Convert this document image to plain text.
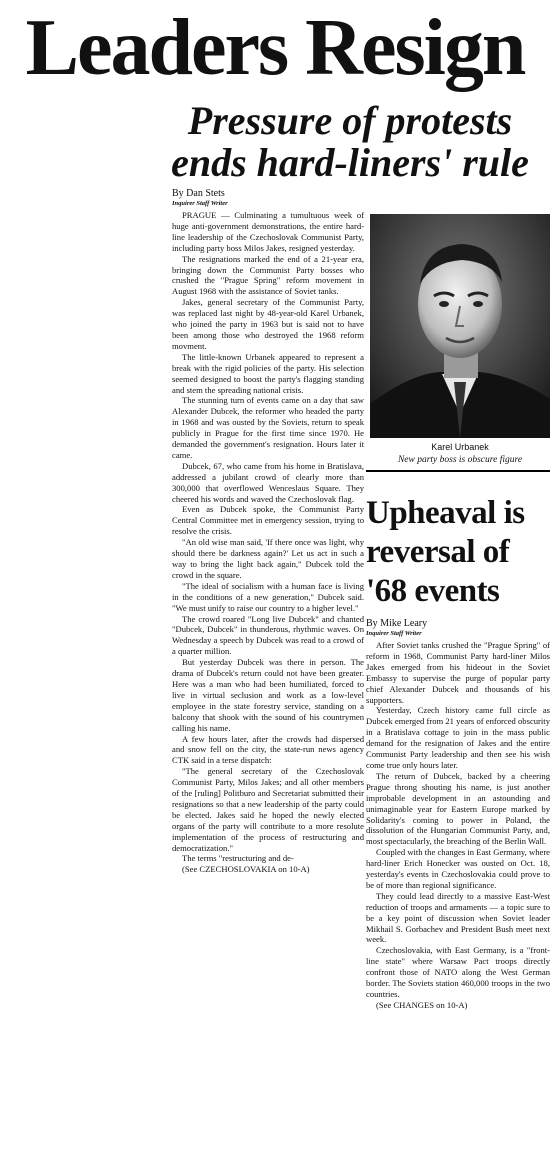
Leaders Resign
Pressure of protests ends hard-liners' rule
By Dan Stets
Inquirer Staff Writer

PRAGUE — Culminating a tumultuous week of huge anti-government demonstrations, the entire hard-line leadership of the Czechoslovak Communist Party, including party boss Milos Jakes, resigned yesterday.

The resignations marked the end of a 21-year era, bringing down the Communist Party bosses who crushed the "Prague Spring" reform movement in August 1968 with the assistance of Soviet tanks.

Jakes, general secretary of the Communist Party, was replaced last night by 48-year-old Karel Urbanek, who joined the party in 1963 but is said not to have been among those who destroyed the 1968 reform movment.

The little-known Urbanek appeared to represent a break with the rigid policies of the party. His selection seemed designed to boost the party's flagging standing and stem the spreading national crisis.

The stunning turn of events came on a day that saw Alexander Dubcek, the reformer who headed the party in 1968 and was ousted by the Soviets, return to speak publicly in Prague for the first time since 1970. He demanded the government's resignation. Hours later it came.

Dubcek, 67, who came from his home in Bratislava, addressed a jubilant crowd of clearly more than 300,000 that overflowed Wenceslaus Square. They cheered his words and waved the Czechoslovak flag.

Even as Dubcek spoke, the Communist Party Central Committee met in emergency session, trying to resolve the crisis.

"An old wise man said, 'If there once was light, why should there be darkness again?' Let us act in such a way to bring the light back again," Dubcek told the crowd in the square.

"The ideal of socialism with a human face is living in the conditions of a new generation," Dubcek said. "We must unify to raise our country to a higher level."

The crowd roared "Long live Dubcek" and chanted "Dubcek, Dubcek" in thunderous, rhythmic waves. On Wednesday a speech by Dubcek was read to a crowd of a quarter million.

But yesterday Dubcek was there in person. The drama of Dubcek's return could not have been greater. Here was a man who had been humiliated, forced to live in virtual seclusion and work as a low-level employee in the state forestry service, standing on a balcony that shook with the sound of his countrymen calling his name.

A few hours later, after the crowds had dispersed and snow fell on the city, the state-run news agency CTK said in a terse dispatch:

"The general secretary of the Czechoslovak Communist Party, Milos Jakes; and all other members of the [ruling] Politburo and Secretariat submitted their resignations so that a new leadership of the party could be elected. Jakes said he hoped the newly elected organs of the party will contribute to a more resolute implementation of the process of restructuring and democratization."

The terms "restructuring and de-

(See CZECHOSLOVAKIA on 10-A)

Karel Urbanek
New party boss is obscure figure
Upheaval is reversal of '68 events
By Mike Leary
Inquirer Staff Writer

After Soviet tanks crushed the "Prague Spring" of reform in 1968, Communist Party hard-liner Milos Jakes emerged from his hideout in the Soviet Embassy to supervise the purge of popular party chief Alexander Dubcek and thousands of his supporters.

Yesterday, Czech history came full circle as Dubcek emerged from 21 years of enforced obscurity in a Bratislava cottage to join in the mass public demand for the resignation of Jakes and the entire Communist Party leadership and then see his wish come true only hours later.

The return of Dubcek, backed by a cheering Prague throng shouting his name, is just another improbable development in an astounding and unimaginable year for Eastern Europe marked by Solidarity's coming to power in Poland, the dissolution of the Hungarian Communist Party, and, most spectacularly, the breaching of the Berlin Wall.

Coupled with the changes in East Germany, where hard-liner Erich Honecker was ousted on Oct. 18, yesterday's events in Czechoslovakia could prove to be of more than regional significance.

They could lead directly to a massive East-West reduction of troops and armaments — a topic sure to be a key point of discussion when Soviet leader Mikhail S. Gorbachev and President Bush meet next week.

Czechoslovakia, with East Germany, is a "front-line state" where Warsaw Pact troops directly confront those of NATO along the West German border. The Soviets station 460,000 troops in the two countries.

(See CHANGES on 10-A)
